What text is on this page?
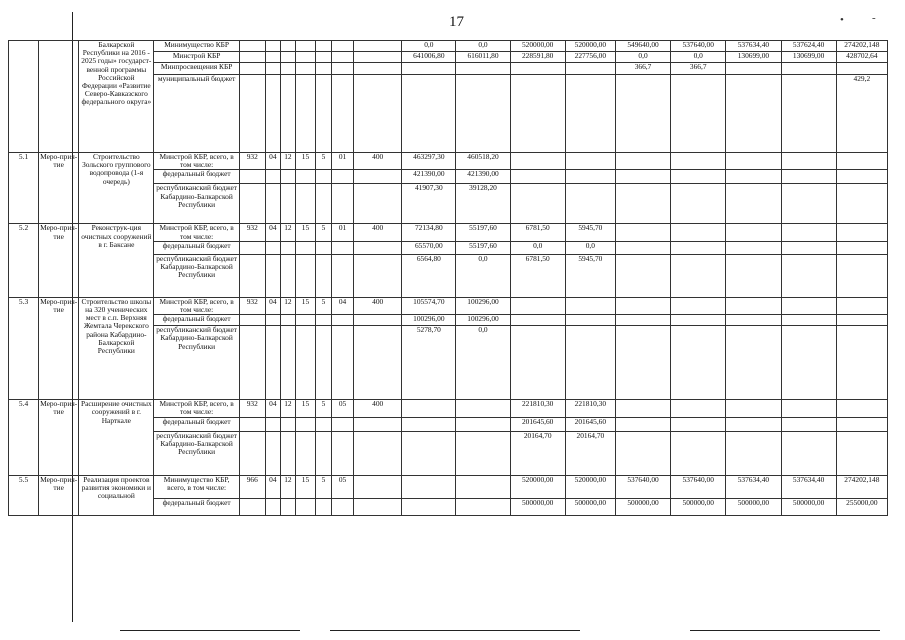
17	•	-
		Балкарской Республики на 2016 - 2025 годы» государст-венной программы Российской Федерации «Развитие Северо-Кавказского федерального округа»	Минимущество КБР								0,0	0,0	520000,00	520000,00	549640,00	537640,00	537634,40	537624,40	274202,148
			Минстрой КБР								641006,80	616011,80	228591,80	227756,00	0,0	0,0	130699,00	130699,00	428702,64
			Минпросвещения КБР												366,7	366,7			
			муниципальный бюджет																429,2
5.1	Меро-прия-тие	Строительство Зольского группового водопровода (1-я очередь)	Минстрой КБР, всего, в том числе:	932	04	12	15	5	01	400	463297,30	460518,20							
			федеральный бюджет								421390,00	421390,00							
			республиканский бюджет Кабардино-Балкарской Республики								41907,30	39128,20							
5.2	Меро-прия-тие	Реконструк-ция очистных сооружений в г. Баксане	Минстрой КБР, всего, в том числе:	932	04	12	15	5	01	400	72134,80	55197,60	6781,50	5945,70					
			федеральный бюджет								65570,00	55197,60	0,0	0,0					
			республиканский бюджет Кабардино-Балкарской Республики								6564,80	0,0	6781,50	5945,70					
5.3	Меро-прия-тие	Строительство школы на 320 ученических мест в с.п. Верхняя Жемтала Черекского района Кабардино-Балкарской Республики	Минстрой КБР, всего, в том числе:	932	04	12	15	5	04	400	105574,70	100296,00							
			федеральный бюджет								100296,00	100296,00							
			республиканский бюджет Кабардино-Балкарской Республики								5278,70	0,0							
5.4	Меро-прия-тие	Расширение очистных сооружений в г. Нарткале	Минстрой КБР, всего, в том числе:	932	04	12	15	5	05	400			221810,30	221810,30					
			федеральный бюджет										201645,60	201645,60					
			республиканский бюджет Кабардино-Балкарской Республики										20164,70	20164,70					
5.5	Меро-прия-тие	Реализация проектов развития экономики и социальной	Минимущество КБР, всего, в том числе:	966	04	12	15	5	05				520000,00	520000,00	537640,00	537640,00	537634,40	537634,40	274202,148
			федеральный бюджет										500000,00	500000,00	500000,00	500000,00	500000,00	500000,00	255000,00
